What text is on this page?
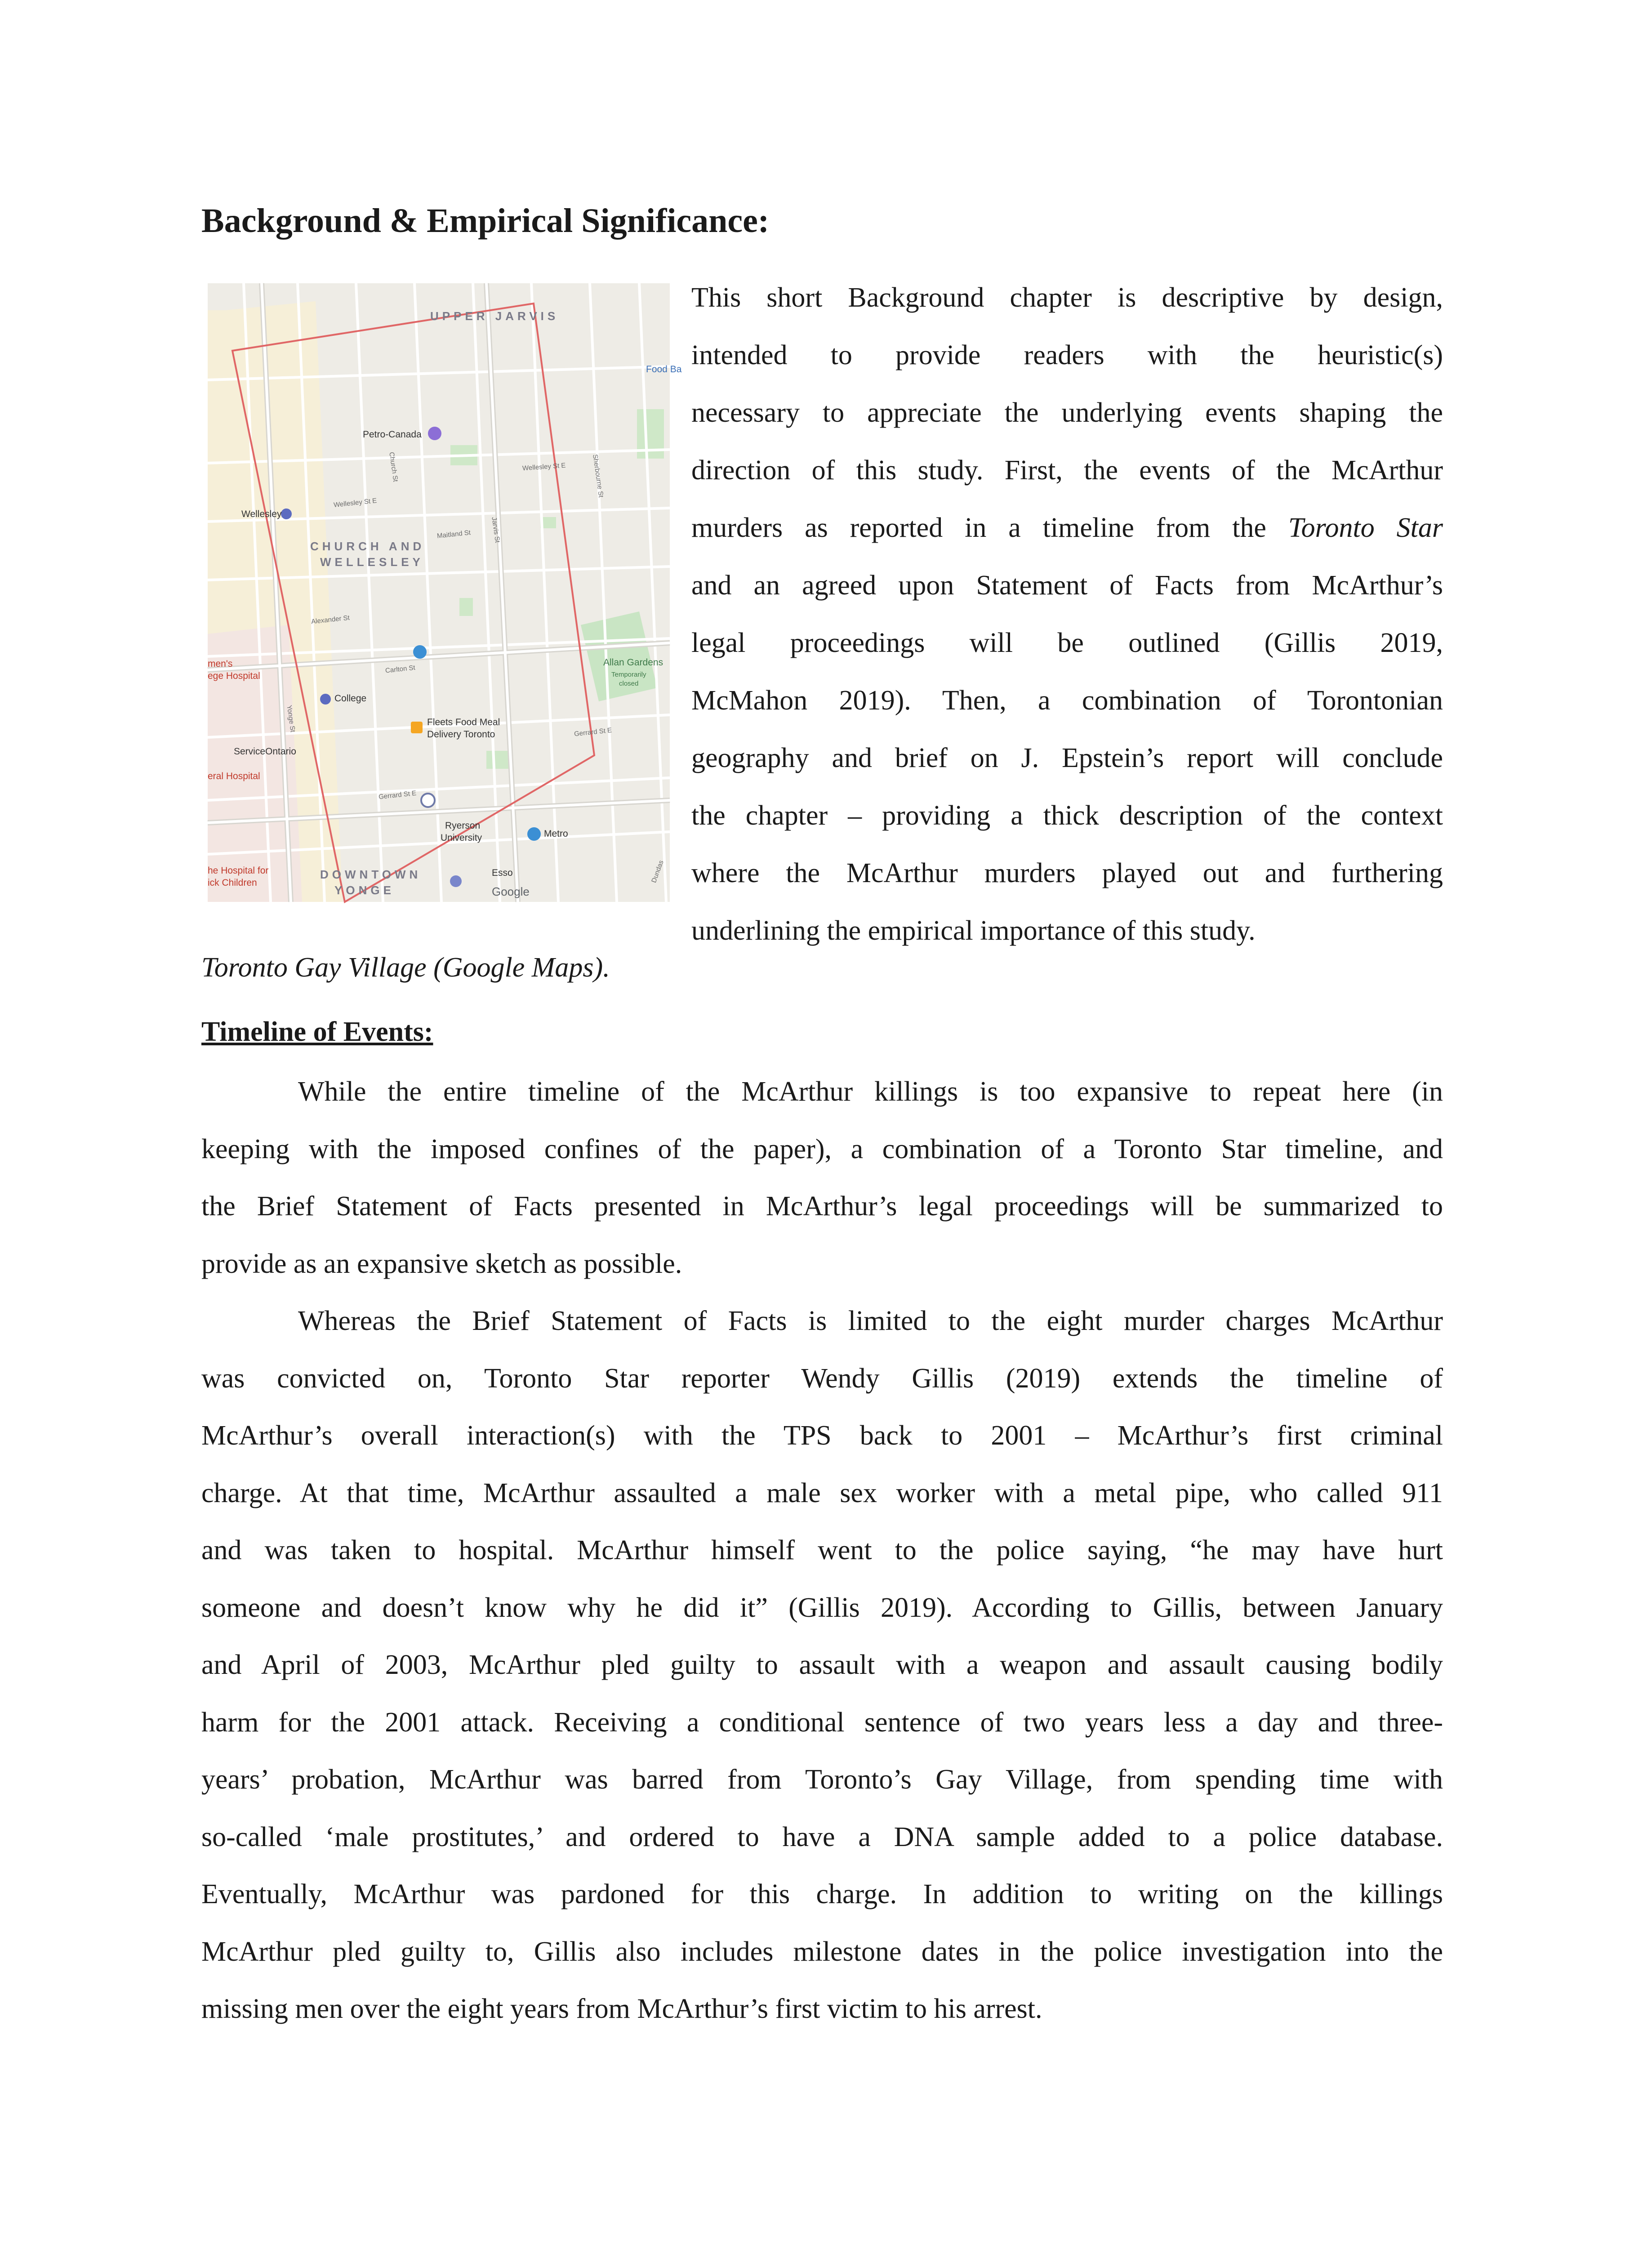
Background & Empirical Significance:
UPPER JARVIS
CHURCH AND
WELLESLEY
DOWNTOWN
YONGE
Wellesley
College
Petro-Canada
Food Ba
Allan Gardens
Temporarily
closed
Fleets Food Meal
Delivery Toronto
ServiceOntario
men's
ege Hospital
eral Hospital
he Hospital for
ick Children
Ryerson
University	Metro
Esso
Google
Wellesley St E
Wellesley St E
Carlton St
Gerrard St E
Gerrard St E
Jarvis St
Yonge St
Sherbourne St
Alexander St
Maitland St
Church St
Dundas

This short Background chapter is descriptive by design,
intended to provide readers with the heuristic(s)
necessary to appreciate the underlying events shaping the
direction of this study. First, the events of the McArthur
murders as reported in a timeline from the Toronto Star
and an agreed upon Statement of Facts from McArthur’s
legal proceedings will be outlined (Gillis 2019,
McMahon 2019). Then, a combination of Torontonian
geography and brief on J. Epstein’s report will conclude
the chapter – providing a thick description of the context
where the McArthur murders played out and furthering
underlining the empirical importance of this study.

Toronto Gay Village (Google Maps).

Timeline of Events:
While the entire timeline of the McArthur killings is too expansive to repeat here (in
keeping with the imposed confines of the paper), a combination of a Toronto Star timeline, and
the Brief Statement of Facts presented in McArthur’s legal proceedings will be summarized to
provide as an expansive sketch as possible.
Whereas the Brief Statement of Facts is limited to the eight murder charges McArthur
was convicted on, Toronto Star reporter Wendy Gillis (2019) extends the timeline of
McArthur’s overall interaction(s) with the TPS back to 2001 – McArthur’s first criminal
charge. At that time, McArthur assaulted a male sex worker with a metal pipe, who called 911
and was taken to hospital. McArthur himself went to the police saying, “he may have hurt
someone and doesn’t know why he did it” (Gillis 2019). According to Gillis, between January
and April of 2003, McArthur pled guilty to assault with a weapon and assault causing bodily
harm for the 2001 attack. Receiving a conditional sentence of two years less a day and three-
years’ probation, McArthur was barred from Toronto’s Gay Village, from spending time with
so-called ‘male prostitutes,’ and ordered to have a DNA sample added to a police database.
Eventually, McArthur was pardoned for this charge. In addition to writing on the killings
McArthur pled guilty to, Gillis also includes milestone dates in the police investigation into the
missing men over the eight years from McArthur’s first victim to his arrest.
